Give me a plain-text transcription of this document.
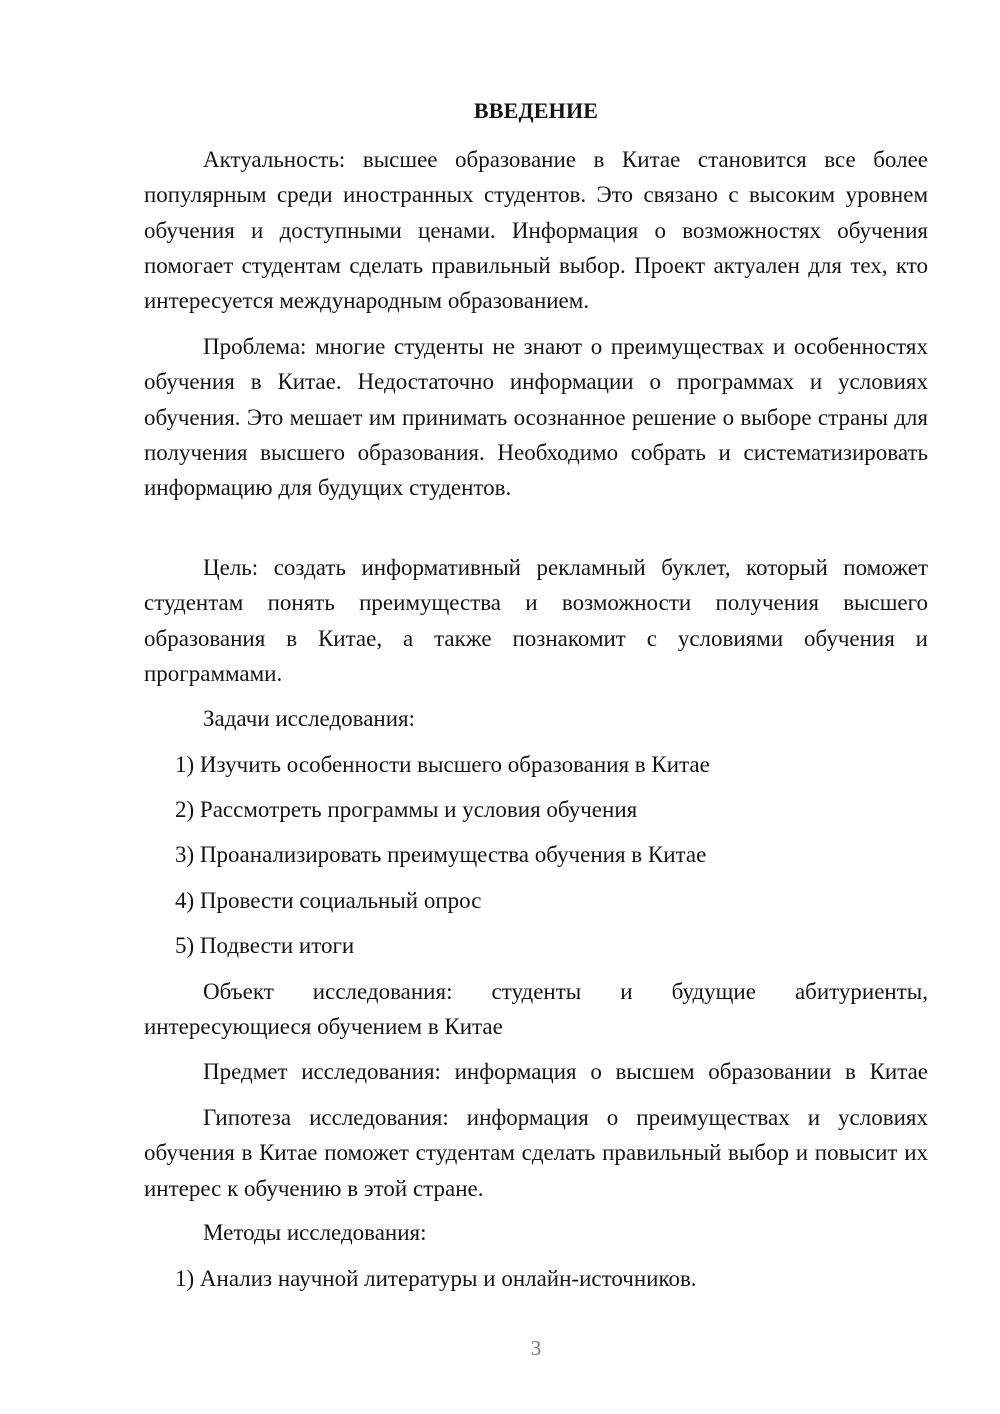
ВВЕДЕНИЕ

Актуальность: высшее образование в Китае становится все более популярным среди иностранных студентов. Это связано с высоким уровнем обучения и доступными ценами. Информация о возможностях обучения помогает студентам сделать правильный выбор. Проект актуален для тех, кто интересуется международным образованием.

Проблема: многие студенты не знают о преимуществах и особенностях обучения в Китае. Недостаточно информации о программах и условиях обучения. Это мешает им принимать осознанное решение о выборе страны для получения высшего образования. Необходимо собрать и систематизировать информацию для будущих студентов.

Цель: создать информативный рекламный буклет, который поможет студентам понять преимущества и возможности получения высшего образования в Китае, а также познакомит с условиями обучения и программами.

Задачи исследования:

1) Изучить особенности высшего образования в Китае

2) Рассмотреть программы и условия обучения

3) Проанализировать преимущества обучения в Китае

4) Провести социальный опрос

5) Подвести итоги

Объект исследования: студенты и будущие абитуриенты, интересующиеся обучением в Китае

Предмет исследования: информация о высшем образовании в Китае

Гипотеза исследования: информация о преимуществах и условиях обучения в Китае поможет студентам сделать правильный выбор и повысит их интерес к обучению в этой стране.

Методы исследования:

1) Анализ научной литературы и онлайн-источников.

3
